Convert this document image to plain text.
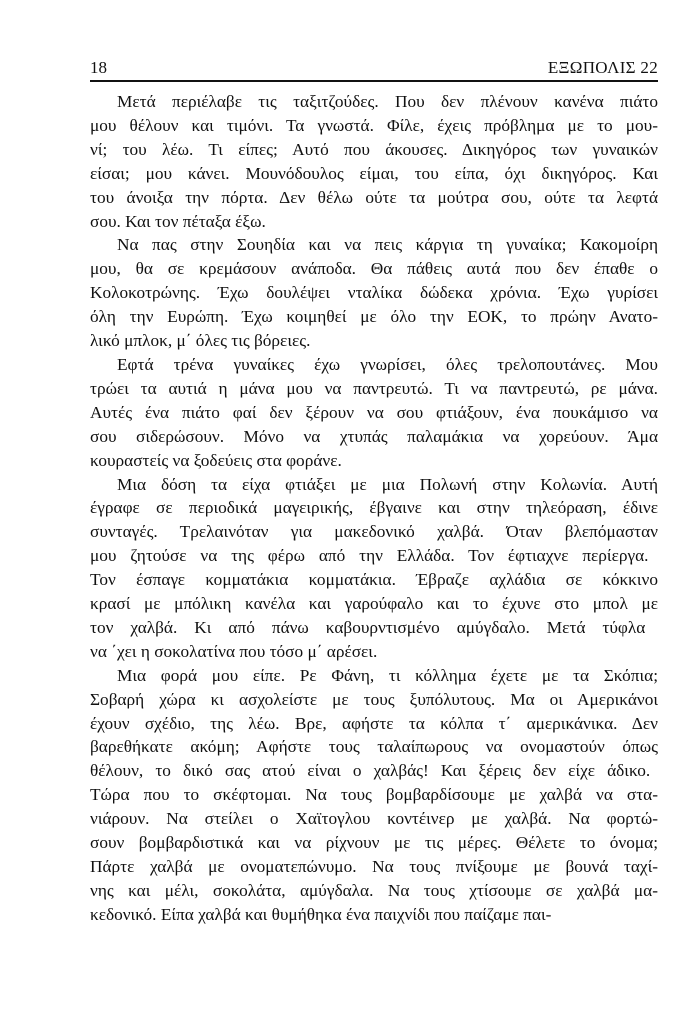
18	ΕΞΩΠΟΛΙΣ 22

Μετά περιέλαβε τις ταξιτζούδες. Που δεν πλένουν κανένα πιάτο
μου θέλουν και τιμόνι. Τα γνωστά. Φίλε, έχεις πρόβλημα με το μου-
νί; του λέω. Τι είπες; Αυτό που άκουσες. Δικηγόρος των γυναικών
είσαι; μου κάνει. Μουνόδουλος είμαι, του είπα, όχι δικηγόρος. Και
του άνοιξα την πόρτα. Δεν θέλω ούτε τα μούτρα σου, ούτε τα λεφτά
σου. Και τον πέταξα έξω.

Να πας στην Σουηδία και να πεις κάργια τη γυναίκα; Κακομοίρη
μου, θα σε κρεμάσουν ανάποδα. Θα πάθεις αυτά που δεν έπαθε ο
Κολοκοτρώνης. Έχω δουλέψει νταλίκα δώδεκα χρόνια. Έχω γυρίσει
όλη την Ευρώπη. Έχω κοιμηθεί με όλο την ΕΟΚ, το πρώην Ανατο-
λικό μπλοκ, μ΄ όλες τις βόρειες.

Εφτά τρένα γυναίκες έχω γνωρίσει, όλες τρελοπουτάνες. Μου
τρώει τα αυτιά η μάνα μου να παντρευτώ. Τι να παντρευτώ, ρε μάνα.
Αυτές ένα πιάτο φαί δεν ξέρουν να σου φτιάξουν, ένα πουκάμισο να
σου σιδερώσουν. Μόνο να χτυπάς παλαμάκια να χορεύουν. Άμα
κουραστείς να ξοδεύεις στα φοράνε.

Μια δόση τα είχα φτιάξει με μια Πολωνή στην Κολωνία. Αυτή
έγραφε σε περιοδικά μαγειρικής, έβγαινε και στην τηλεόραση, έδινε
συνταγές. Τρελαινόταν για μακεδονικό χαλβά. Όταν βλεπόμασταν
μου ζητούσε να της φέρω από την Ελλάδα. Τον έφτιαχνε περίεργα.
Τον έσπαγε κομματάκια κομματάκια. Έβραζε αχλάδια σε κόκκινο
κρασί με μπόλικη κανέλα και γαρούφαλο και το έχυνε στο μπολ με
τον χαλβά. Κι από πάνω καβουρντισμένο αμύγδαλο. Μετά τύφλα
να ΄χει η σοκολατίνα που τόσο μ΄ αρέσει.

Μια φορά μου είπε. Ρε Φάνη, τι κόλλημα έχετε με τα Σκόπια;
Σοβαρή χώρα κι ασχολείστε με τους ξυπόλυτους. Μα οι Αμερικάνοι
έχουν σχέδιο, της λέω. Βρε, αφήστε τα κόλπα τ΄ αμερικάνικα. Δεν
βαρεθήκατε ακόμη; Αφήστε τους ταλαίπωρους να ονομαστούν όπως
θέλουν, το δικό σας ατού είναι ο χαλβάς! Και ξέρεις δεν είχε άδικο.
Τώρα που το σκέφτομαι. Να τους βομβαρδίσουμε με χαλβά να στα-
νιάρουν. Να στείλει ο Χαϊτογλου κοντέινερ με χαλβά. Να φορτώ-
σουν βομβαρδιστικά και να ρίχνουν με τις μέρες. Θέλετε το όνομα;
Πάρτε χαλβά με ονοματεπώνυμο. Να τους πνίξουμε με βουνά ταχί-
νης και μέλι, σοκολάτα, αμύγδαλα. Να τους χτίσουμε σε χαλβά μα-
κεδονικό. Είπα χαλβά και θυμήθηκα ένα παιχνίδι που παίζαμε παι-
